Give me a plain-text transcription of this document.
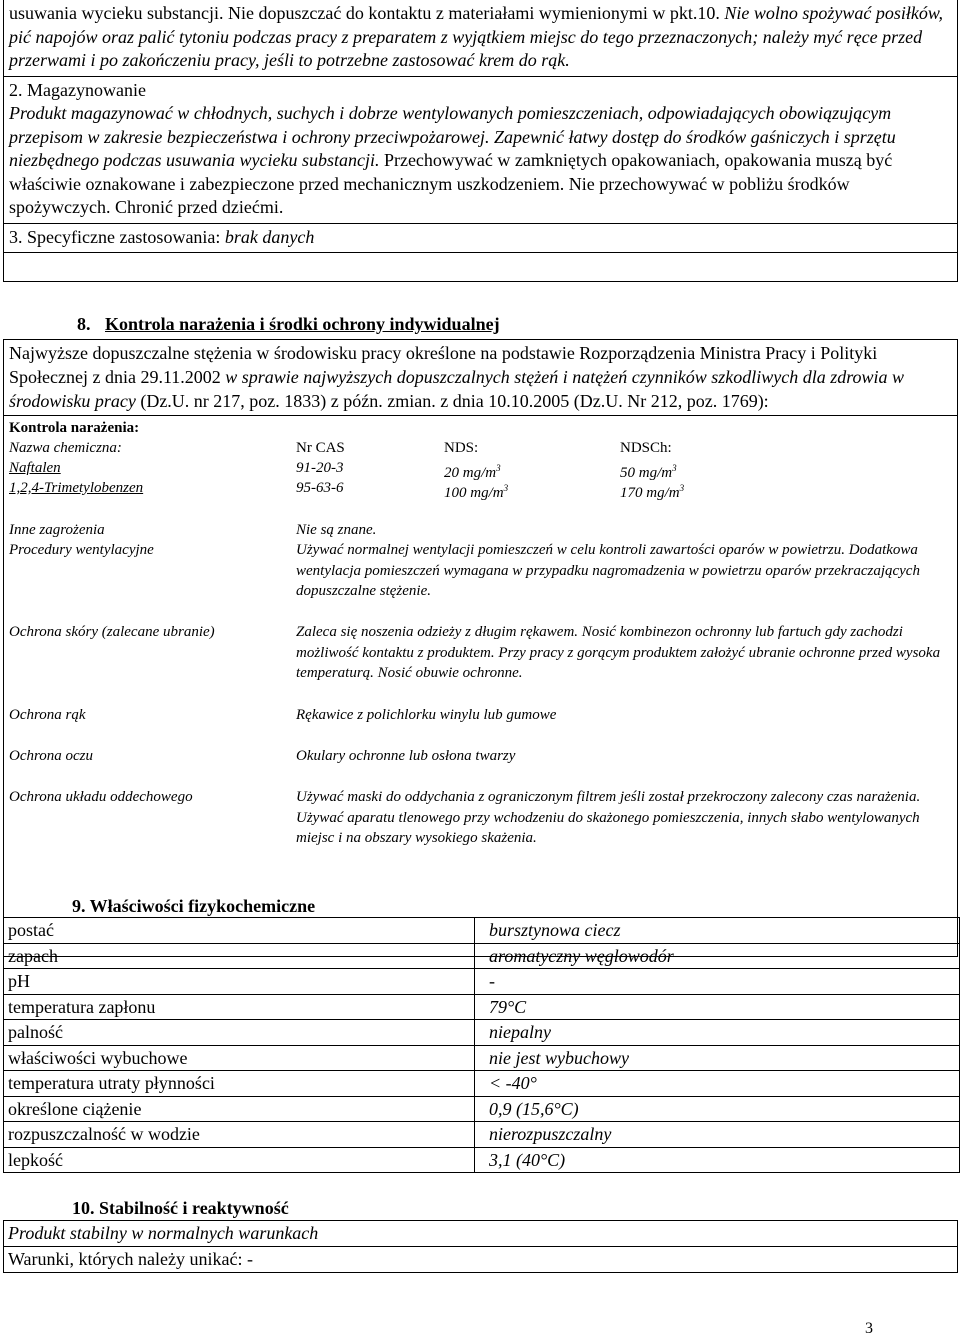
usuwania wycieku substancji. Nie dopuszczać do kontaktu z materiałami wymienionymi w pkt.10. Nie wolno spożywać posiłków, pić napojów oraz palić tytoniu podczas pracy z preparatem z wyjątkiem miejsc do tego przeznaczonych; należy myć ręce przed przerwami i po zakończeniu pracy, jeśli to potrzebne zastosować krem do rąk.
2. Magazynowanie
Produkt magazynować w chłodnych, suchych i dobrze wentylowanych pomieszczeniach, odpowiadających obowiązującym przepisom w zakresie bezpieczeństwa i ochrony przeciwpożarowej. Zapewnić łatwy dostęp do środków gaśniczych i sprzętu niezbędnego podczas usuwania wycieku substancji. Przechowywać w zamkniętych opakowaniach, opakowania muszą być właściwie oznakowane i zabezpieczone przed mechanicznym uszkodzeniem. Nie przechowywać w pobliżu środków spożywczych. Chronić przed dziećmi.
3. Specyficzne zastosowania: brak danych
8. Kontrola narażenia i środki ochrony indywidualnej
Najwyższe dopuszczalne stężenia w środowisku pracy określone na podstawie Rozporządzenia Ministra Pracy i Polityki Społecznej z dnia 29.11.2002 w sprawie najwyższych dopuszczalnych stężeń i natężeń czynników szkodliwych dla zdrowia w środowisku pracy (Dz.U. nr 217, poz. 1833) z późn. zmian. z dnia 10.10.2005 (Dz.U. Nr 212, poz. 1769):
Kontrola narażenia:
Nazwa chemiczna:	Nr CAS	NDS:	NDSCh:
Naftalen	91-20-3	20 $mg/m^3$	50 $mg/m^3$
1,2,4-Trimetylobenzen	95-63-6	100 $mg/m^3$	170 $mg/m^3$
Inne zagrożenia	Nie są znane.
Procedury wentylacyjne	Używać normalnej wentylacji pomieszczeń w celu kontroli zawartości oparów w powietrzu. Dodatkowa wentylacja pomieszczeń wymagana w przypadku nagromadzenia w powietrzu oparów przekraczających dopuszczalne stężenie.
Ochrona skóry (zalecane ubranie)	Zaleca się noszenia odzieży z długim rękawem. Nosić kombinezon ochronny lub fartuch gdy zachodzi możliwość kontaktu z produktem. Przy pracy z gorącym produktem założyć ubranie ochronne przed wysoka temperaturą. Nosić obuwie ochronne.
Ochrona rąk	Rękawice z polichlorku winylu lub gumowe
Ochrona oczu	Okulary ochronne lub osłona twarzy
Ochrona układu oddechowego	Używać maski do oddychania z ograniczonym filtrem jeśli został przekroczony zalecony czas narażenia. Używać aparatu tlenowego przy wchodzeniu do skażonego pomieszczenia, innych słabo wentylowanych miejsc i na obszary wysokiego skażenia.
9. Właściwości fizykochemiczne
postać	bursztynowa ciecz
zapach	aromatyczny węglowodór
pH	-
temperatura zapłonu	79°C
palność	niepalny
właściwości wybuchowe	nie jest wybuchowy
temperatura utraty płynności	< -40°
określone ciążenie	0,9 (15,6°C)
rozpuszczalność w wodzie	nierozpuszczalny
lepkość	3,1 (40°C)
10. Stabilność i reaktywność
Produkt stabilny w normalnych warunkach
Warunki, których należy unikać: -
3
